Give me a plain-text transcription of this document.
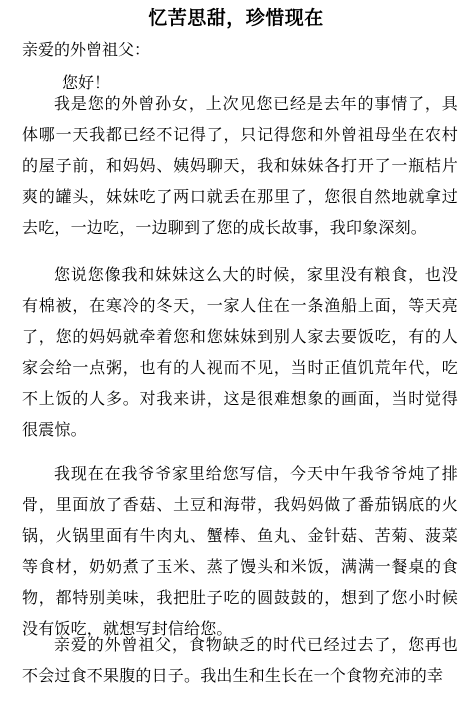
忆苦思甜，珍惜现在
亲爱的外曾祖父：
您好！

我是您的外曾孙女，上次见您已经是去年的事情了，具体哪一天我都已经不记得了，只记得您和外曾祖母坐在农村的屋子前，和妈妈、姨妈聊天，我和妹妹各打开了一瓶桔片爽的罐头，妹妹吃了两口就丢在那里了，您很自然地就拿过去吃，一边吃，一边聊到了您的成长故事，我印象深刻。

您说您像我和妹妹这么大的时候，家里没有粮食，也没有棉被，在寒冷的冬天，一家人住在一条渔船上面，等天亮了，您的妈妈就牵着您和您妹妹到别人家去要饭吃，有的人家会给一点粥，也有的人视而不见，当时正值饥荒年代，吃不上饭的人多。对我来讲，这是很难想象的画面，当时觉得很震惊。

我现在在我爷爷家里给您写信，今天中午我爷爷炖了排骨，里面放了香菇、土豆和海带，我妈妈做了番茄锅底的火锅，火锅里面有牛肉丸、蟹棒、鱼丸、金针菇、苦菊、菠菜等食材，奶奶煮了玉米、蒸了馒头和米饭，满满一餐桌的食物，都特别美味，我把肚子吃的圆鼓鼓的，想到了您小时候没有饭吃，就想写封信给您。

亲爱的外曾祖父，食物缺乏的时代已经过去了，您再也不会过食不果腹的日子。我出生和生长在一个食物充沛的幸
